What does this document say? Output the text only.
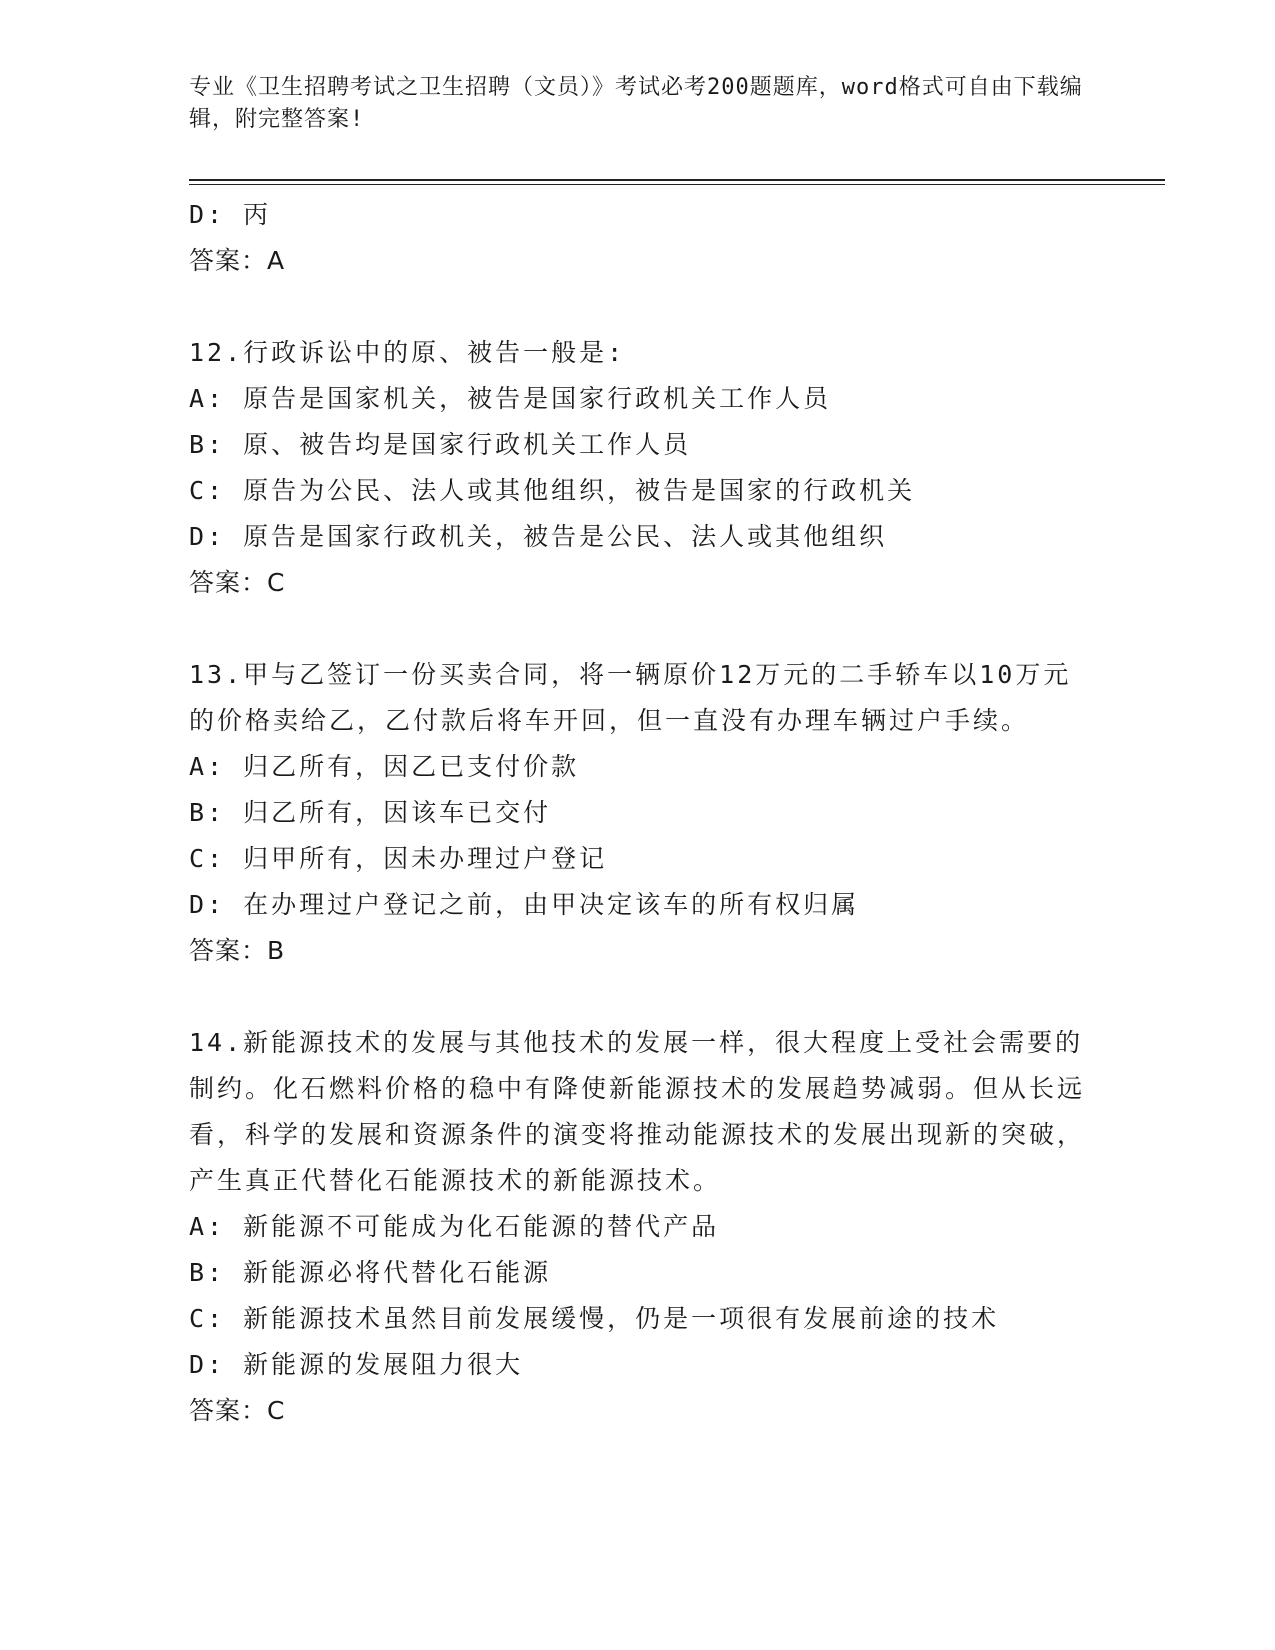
专业《卫生招聘考试之卫生招聘（文员）》考试必考200题题库，word格式可自由下载编辑，附完整答案!
D: 丙
答案：A
12.行政诉讼中的原、被告一般是:
A: 原告是国家机关，被告是国家行政机关工作人员
B: 原、被告均是国家行政机关工作人员
C: 原告为公民、法人或其他组织，被告是国家的行政机关
D: 原告是国家行政机关，被告是公民、法人或其他组织
答案：C
13.甲与乙签订一份买卖合同，将一辆原价12万元的二手轿车以10万元的价格卖给乙，乙付款后将车开回，但一直没有办理车辆过户手续。
A: 归乙所有，因乙已支付价款
B: 归乙所有，因该车已交付
C: 归甲所有，因未办理过户登记
D: 在办理过户登记之前，由甲决定该车的所有权归属
答案：B
14.新能源技术的发展与其他技术的发展一样，很大程度上受社会需要的制约。化石燃料价格的稳中有降使新能源技术的发展趋势减弱。但从长远看，科学的发展和资源条件的演变将推动能源技术的发展出现新的突破，产生真正代替化石能源技术的新能源技术。
A: 新能源不可能成为化石能源的替代产品
B: 新能源必将代替化石能源
C: 新能源技术虽然目前发展缓慢，仍是一项很有发展前途的技术
D: 新能源的发展阻力很大
答案：C
